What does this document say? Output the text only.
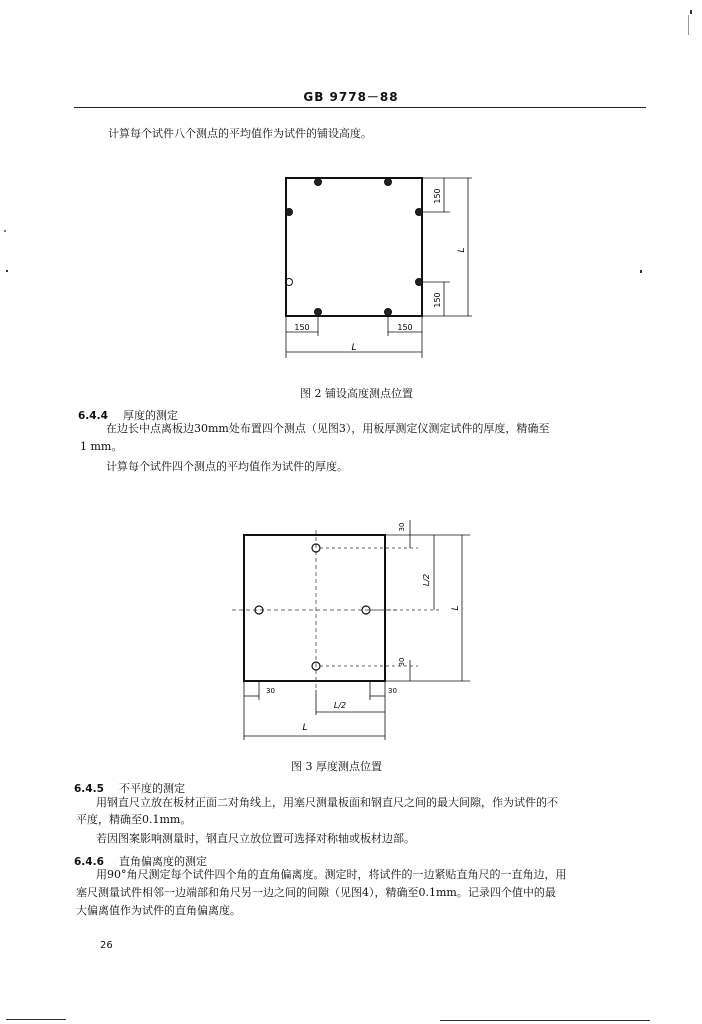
GB 9778－88
计算每个试件八个测点的平均值作为试件的铺设高度。
150
150
L
150	150
L
图 2 铺设高度测点位置
6.4.4 厚度的测定
在边长中点离板边30mm处布置四个测点（见图3），用板厚测定仪测定试件的厚度，精确至
1 mm。
计算每个试件四个测点的平均值作为试件的厚度。
30
30
L/2
L
30	30
L/2
L
图 3 厚度测点位置
6.4.5 不平度的测定
用钢直尺立放在板材正面二对角线上，用塞尺测量板面和钢直尺之间的最大间隙，作为试件的不
平度，精确至0.1mm。
若因图案影响测量时，钢直尺立放位置可选择对称轴或板材边部。
6.4.6 直角偏离度的测定
用90°角尺测定每个试件四个角的直角偏离度。测定时，将试件的一边紧贴直角尺的一直角边，用
塞尺测量试件相邻一边端部和角尺另一边之间的间隙（见图4），精确至0.1mm。记录四个值中的最
大偏离值作为试件的直角偏离度。
26
